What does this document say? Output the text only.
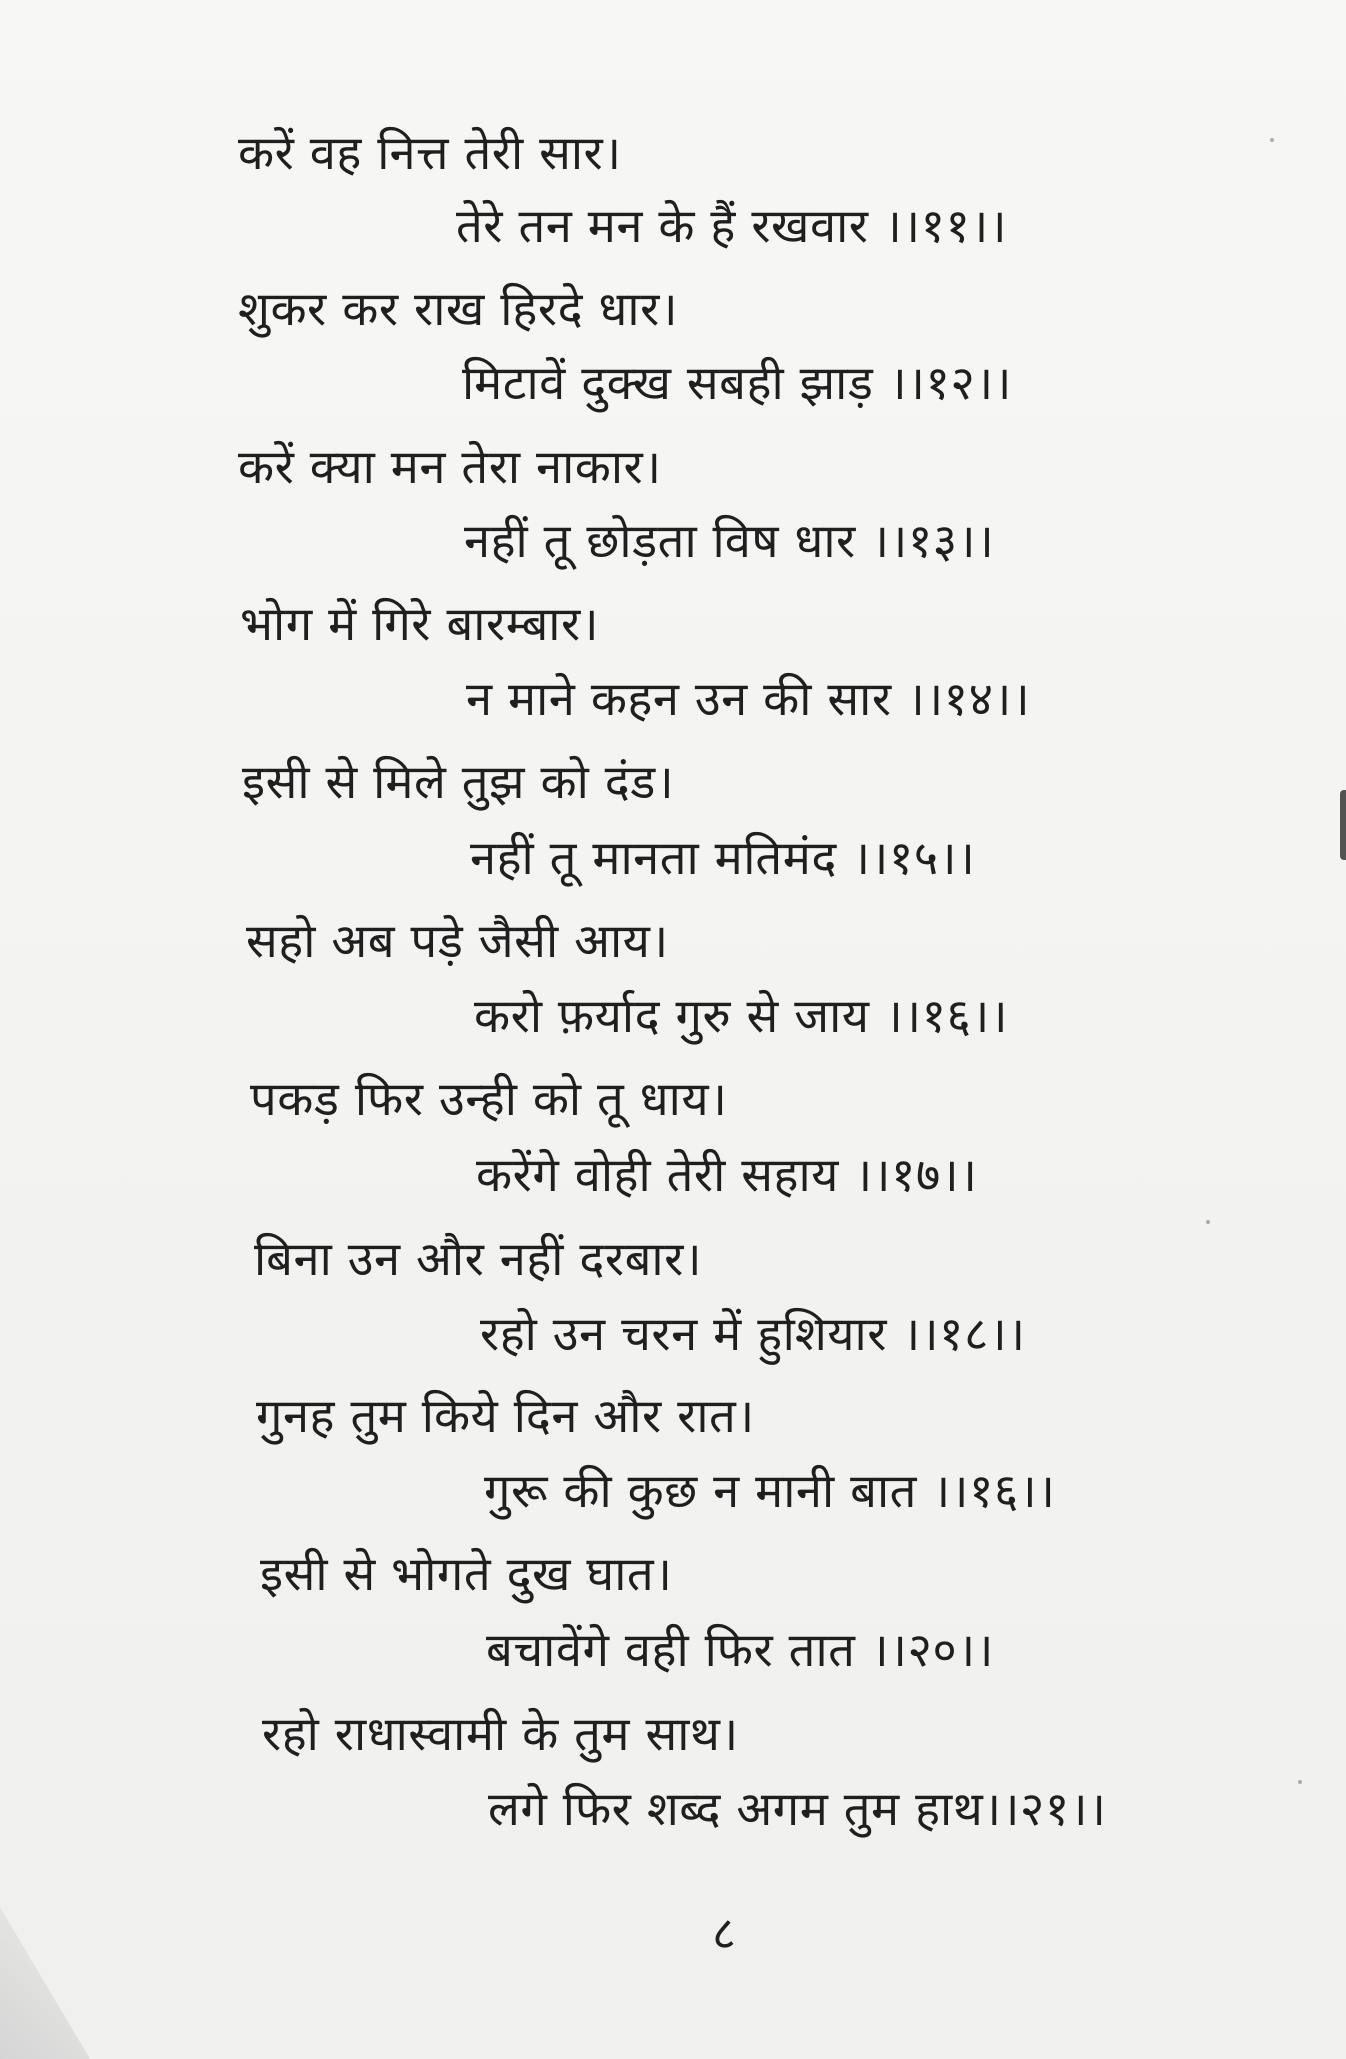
करें वह नित्त तेरी सार।
तेरे तन मन के हैं रखवार ।।११।।
शुकर कर राख हिरदे धार।
मिटावें दुक्ख सबही झाड़ ।।१२।।
करें क्या मन तेरा नाकार।
नहीं तू छोड़ता विष धार ।।१३।।
भोग में गिरे बारम्बार।
न माने कहन उन की सार ।।१४।।
इसी से मिले तुझ को दंड।
नहीं तू मानता मतिमंद ।।१५।।
सहो अब पड़े जैसी आय।
करो फ़र्याद गुरु से जाय ।।१६।।
पकड़ फिर उन्ही को तू धाय।
करेंगे वोही तेरी सहाय ।।१७।।
बिना उन और नहीं दरबार।
रहो उन चरन में हुशियार ।।१८।।
गुनह तुम किये दिन और रात।
गुरू की कुछ न मानी बात ।।१६।।
इसी से भोगते दुख घात।
बचावेंगे वही फिर तात ।।२०।।
रहो राधास्वामी के तुम साथ।
लगे फिर शब्द अगम तुम हाथ।।२१।।
८
